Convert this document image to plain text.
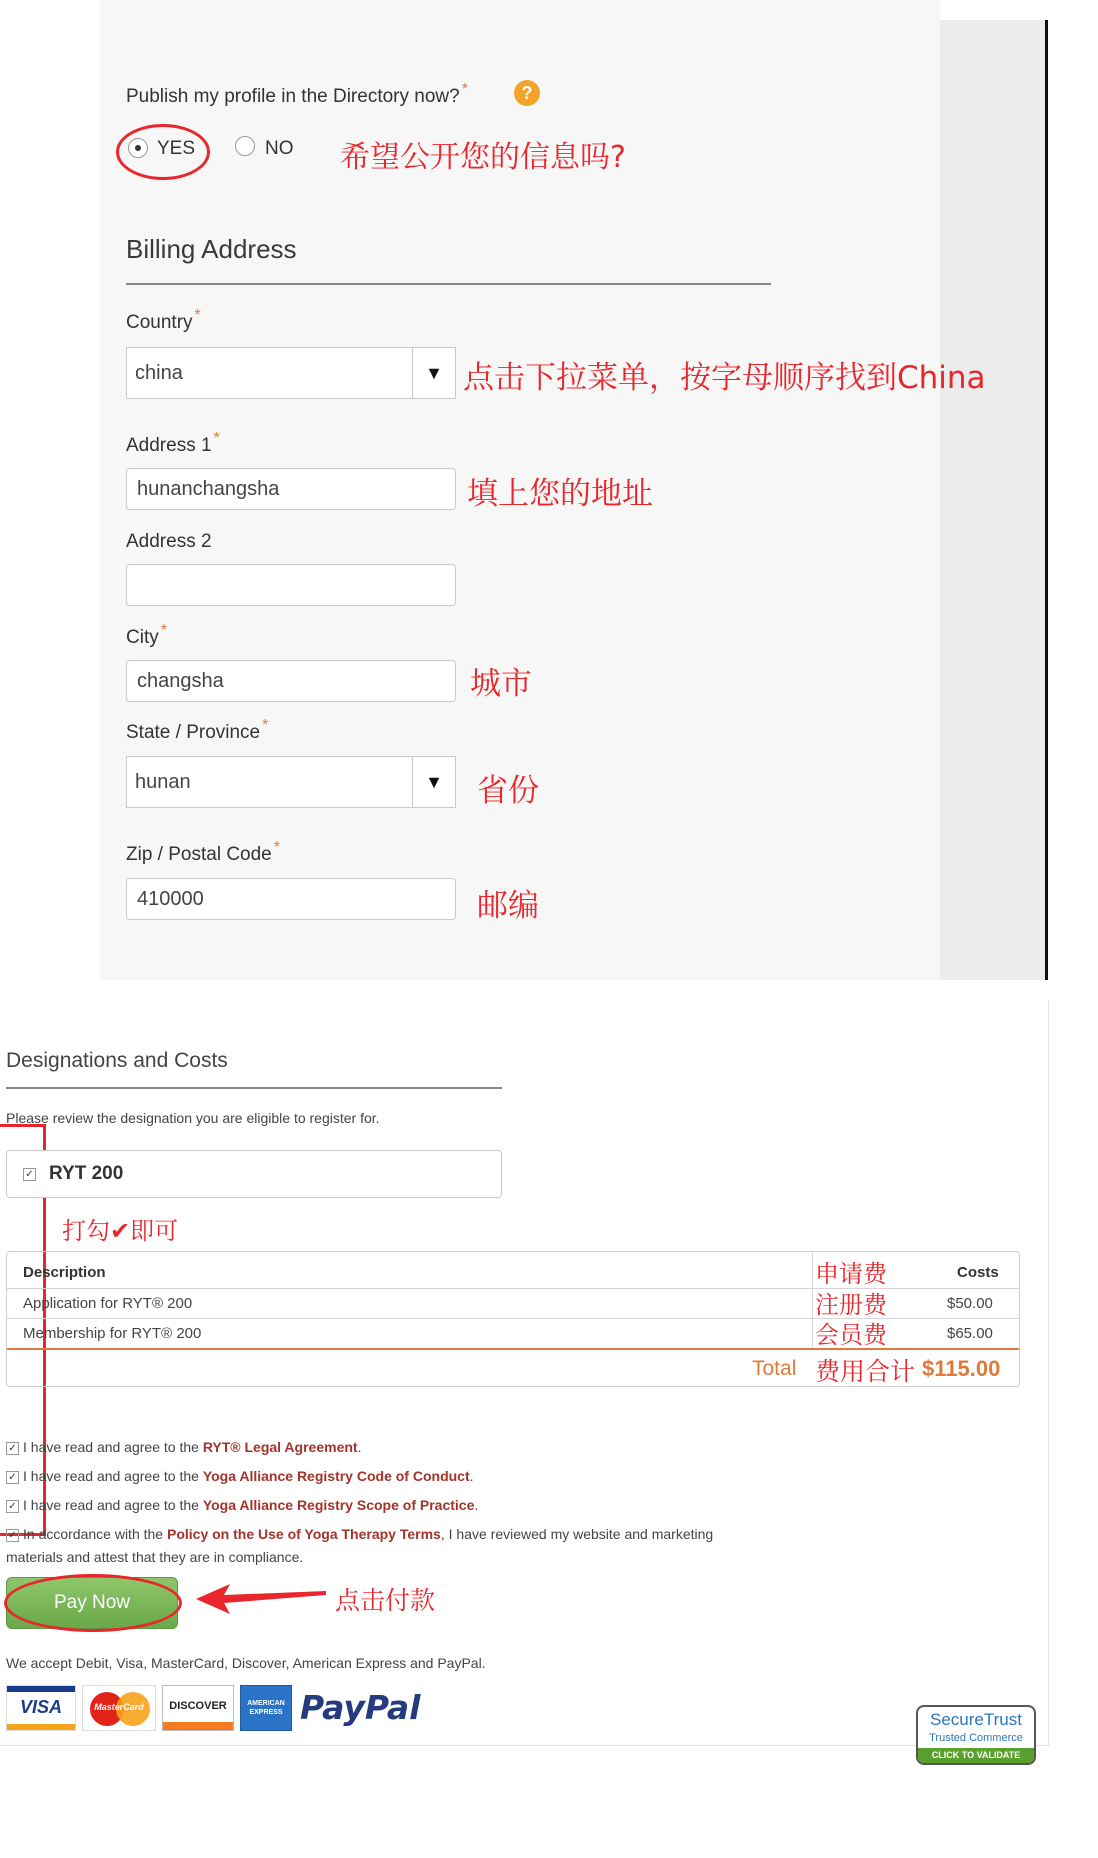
Publish my profile in the Directory now? *	?
YES	NO 希望公开您的信息吗?
Billing Address
Country *
china	▼ 点击下拉菜单，按字母顺序找到China
Address 1 *
hunanchangsha	填上您的地址
Address 2
City *
changsha	城市
State / Province *
hunan	▼	省份
Zip / Postal Code *
410000	邮编
Designations and Costs
Please review the designation you are eligible to register for.
✓ RYT 200
打勾✔即可
Description	申请费	Costs
Application for RYT® 200	注册费	$50.00
Membership for RYT® 200	会员费	$65.00
Total 费用合计 $115.00
✓ I have read and agree to the RYT® Legal Agreement.
✓ I have read and agree to the Yoga Alliance Registry Code of Conduct.
✓ I have read and agree to the Yoga Alliance Registry Scope of Practice.
✓ In accordance with the Policy on the Use of Yoga Therapy Terms, I have reviewed my website and marketing
materials and attest that they are in compliance.
Pay Now	点击付款
We accept Debit, Visa, MasterCard, Discover, American Express and PayPal.
VISA	MasterCard	DISCOVER	AMERICAN EXPRESS PayPal	SecureTrust
Trusted Commerce
CLICK TO VALIDATE
